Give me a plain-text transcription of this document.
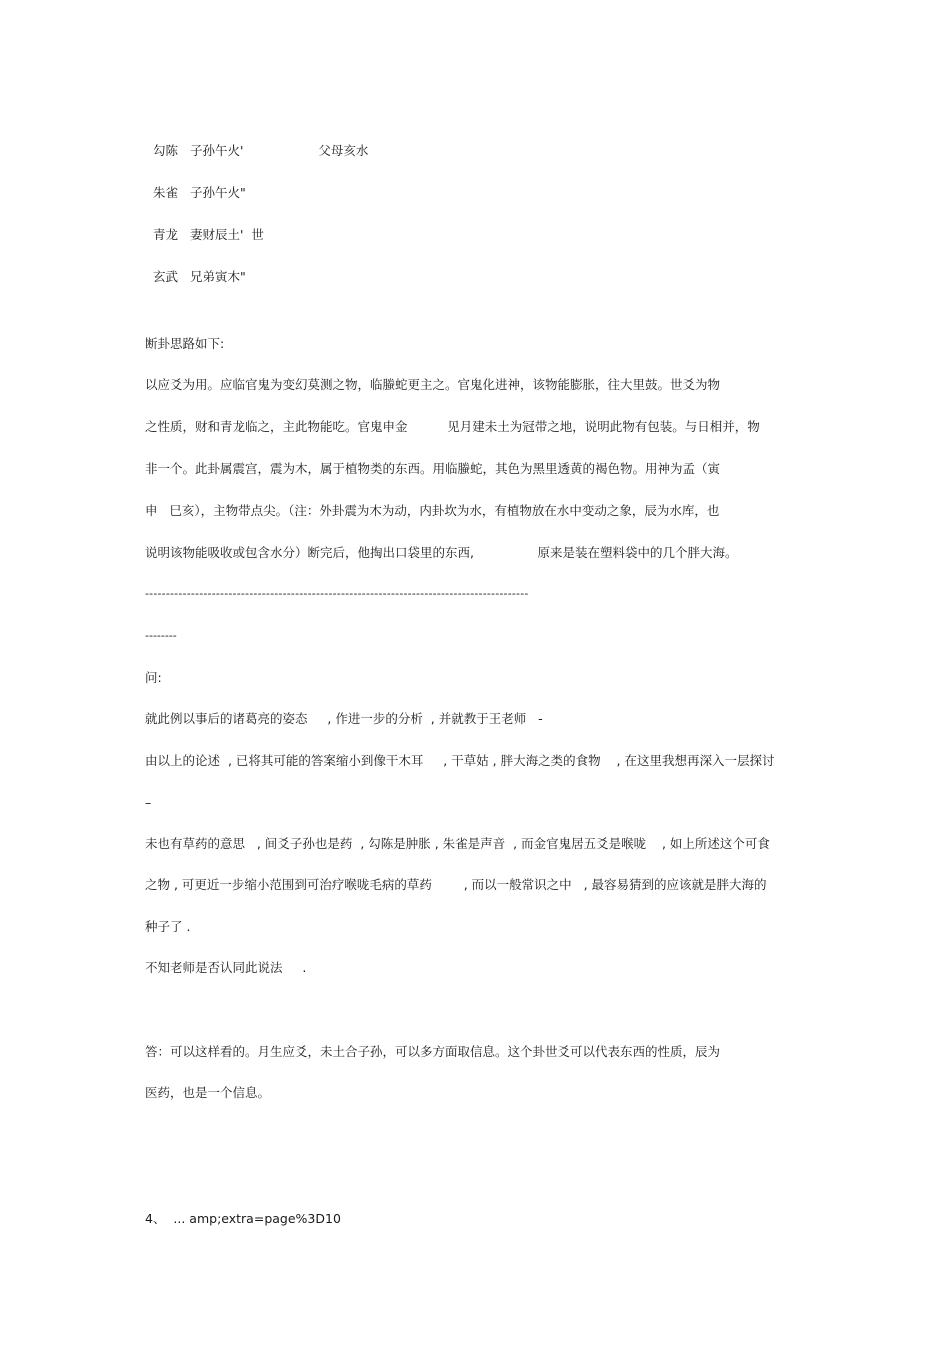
勾陈 子孙午火'	父母亥水

朱雀 子孙午火"

青龙 妻财辰土'  世

玄武 兄弟寅木"

断卦思路如下:
以应爻为用。应临官鬼为变幻莫测之物，临螣蛇更主之。官鬼化进神，该物能膨胀，往大里鼓。世爻为物
之性质，财和青龙临之，主此物能吃。官鬼申金          见月建未土为冠带之地，说明此物有包装。与日相并，物
非一个。此卦属震宫，震为木，属于植物类的东西。用临螣蛇，其色为黑里透黄的褐色物。用神为孟（寅
申   巳亥），主物带点尖。（注：外卦震为木为动，内卦坎为水，有植物放在水中变动之象，辰为水库，也
说明该物能吸收或包含水分）断完后，他掏出口袋里的东西,                原来是装在塑料袋中的几个胖大海。
--------------------------------------------------------------------------------------------
--------
问:
就此例以事后的诸葛亮的姿态     , 作进一步的分析  , 并就教于王老师   -
由以上的论述  , 已将其可能的答案缩小到像干木耳     , 干草姑 , 胖大海之类的食物    , 在这里我想再深入一层探讨
–
未也有草药的意思   , 间爻子孙也是药  , 勾陈是肿胀 , 朱雀是声音  , 而金官鬼居五爻是喉咙    , 如上所述这个可食
之物 , 可更近一步缩小范围到可治疗喉咙毛病的草药        , 而以一般常识之中   , 最容易猜到的应该就是胖大海的
种子了 .
不知老师是否认同此说法     .
答：可以这样看的。月生应爻，未土合子孙，可以多方面取信息。这个卦世爻可以代表东西的性质，辰为
医药，也是一个信息。
4、  ... amp;extra=page%3D10
